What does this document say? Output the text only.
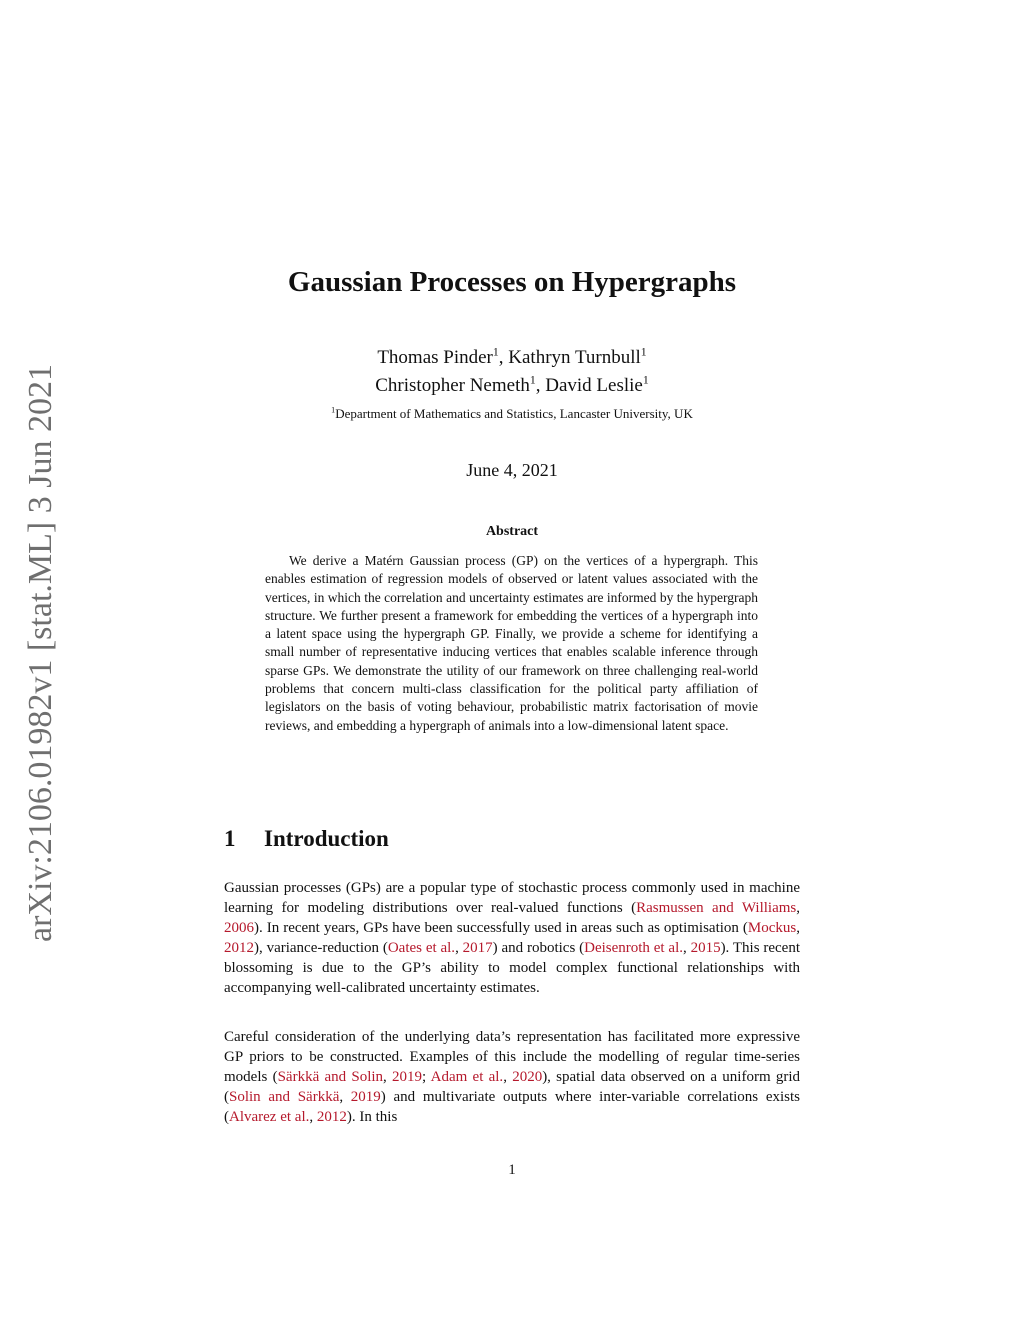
arXiv:2106.01982v1 [stat.ML] 3 Jun 2021
Gaussian Processes on Hypergraphs
Thomas Pinder$^1$, Kathryn Turnbull$^1$
Christopher Nemeth$^1$, David Leslie$^1$
$^1$Department of Mathematics and Statistics, Lancaster University, UK
June 4, 2021
Abstract

We derive a Matérn Gaussian process (GP) on the vertices of a hypergraph. This enables estimation of regression models of observed or latent values associated with the vertices, in which the correlation and uncertainty estimates are informed by the hypergraph structure. We further present a framework for embedding the vertices of a hypergraph into a latent space using the hypergraph GP. Finally, we provide a scheme for identifying a small number of representative inducing vertices that enables scalable inference through sparse GPs. We demonstrate the utility of our framework on three challenging real-world problems that concern multi-class classification for the political party affiliation of legislators on the basis of voting behaviour, probabilistic matrix factorisation of movie reviews, and embedding a hypergraph of animals into a low-dimensional latent space.

1 Introduction

Gaussian processes (GPs) are a popular type of stochastic process commonly used in machine learning for modeling distributions over real-valued functions (Rasmussen and Williams, 2006). In recent years, GPs have been successfully used in areas such as optimisation (Mockus, 2012), variance-reduction (Oates et al., 2017) and robotics (Deisenroth et al., 2015). This recent blossoming is due to the GP’s ability to model complex functional relationships with accompanying well-calibrated uncertainty estimates.

Careful consideration of the underlying data’s representation has facilitated more expressive GP priors to be constructed. Examples of this include the modelling of regular time-series models (Särkkä and Solin, 2019; Adam et al., 2020), spatial data observed on a uniform grid (Solin and Särkkä, 2019) and multivariate outputs where inter-variable correlations exists (Alvarez et al., 2012). In this

1
